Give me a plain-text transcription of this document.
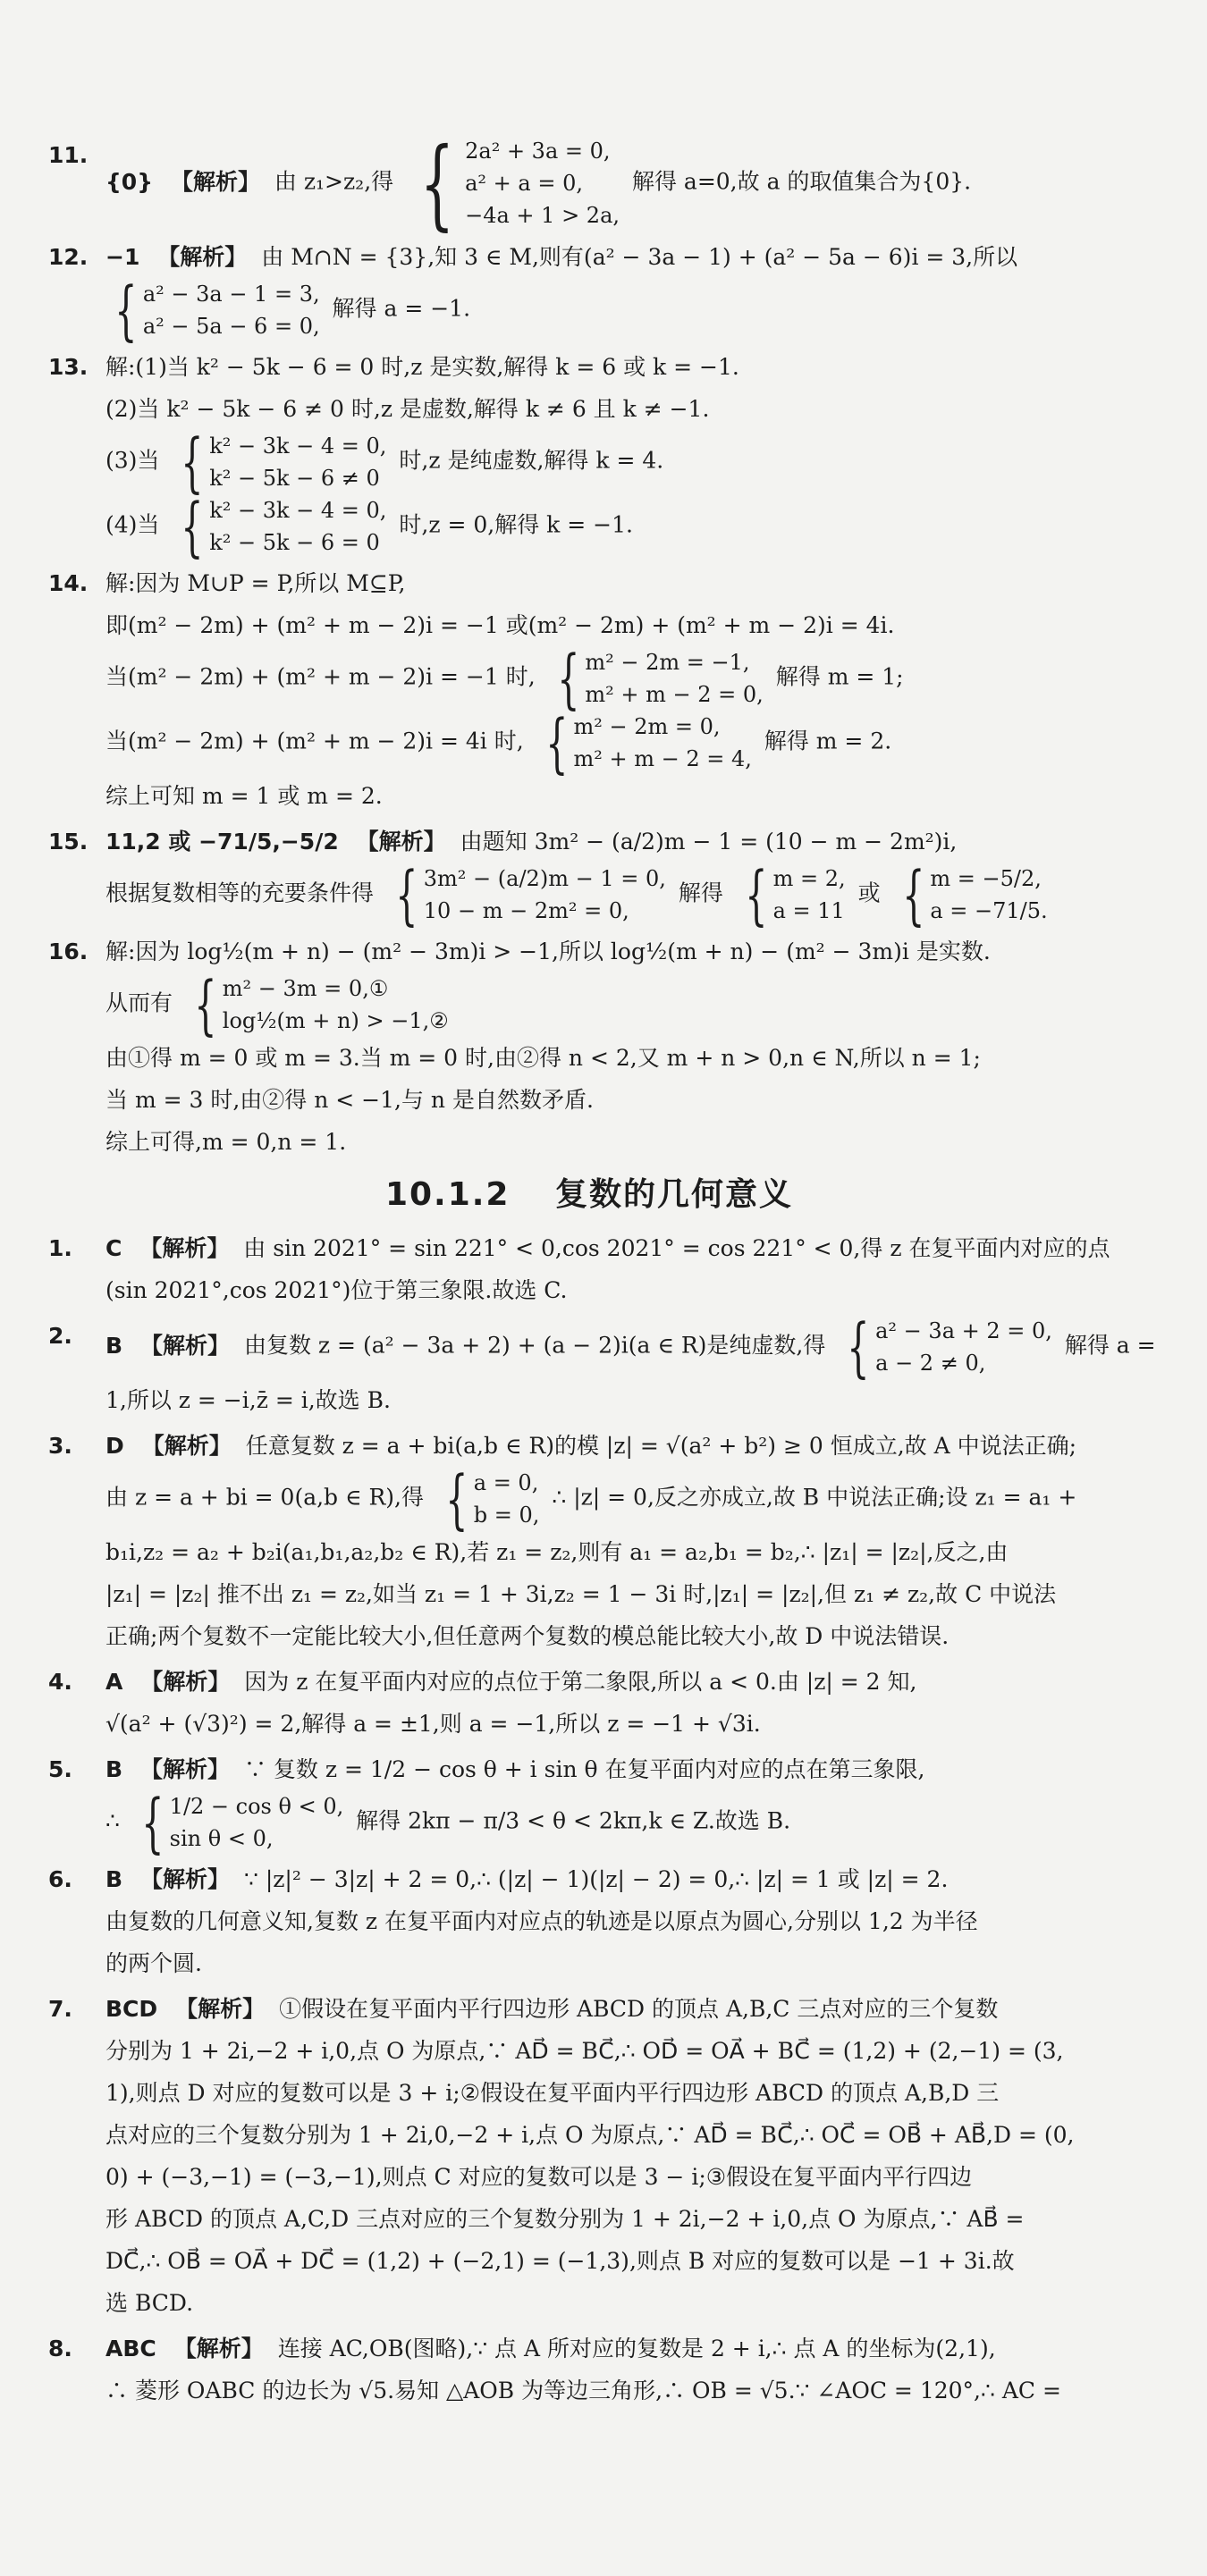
11.
{0} 【解析】 由 z₁>z₂,得 { 2a² + 3a = 0,
a² + a = 0,
−4a + 1 > 2a,
解得 a=0,故 a 的取值集合为{0}.
12. −1 【解析】 由 M∩N = {3},知 3 ∈ M,则有(a² − 3a − 1) + (a² − 5a − 6)i = 3,所以
{ a² − 3a − 1 = 3,
a² − 5a − 6 = 0,
解得 a = −1.
13. 解:(1)当 k² − 5k − 6 = 0 时,z 是实数,解得 k = 6 或 k = −1.
(2)当 k² − 5k − 6 ≠ 0 时,z 是虚数,解得 k ≠ 6 且 k ≠ −1.
(3)当 { k² − 3k − 4 = 0,
k² − 5k − 6 ≠ 0
时,z 是纯虚数,解得 k = 4.
(4)当 { k² − 3k − 4 = 0,
k² − 5k − 6 = 0
时,z = 0,解得 k = −1.
14. 解:因为 M∪P = P,所以 M⊆P,
即(m² − 2m) + (m² + m − 2)i = −1 或(m² − 2m) + (m² + m − 2)i = 4i.
当(m² − 2m) + (m² + m − 2)i = −1 时, { m² − 2m = −1,
m² + m − 2 = 0,
解得 m = 1;
当(m² − 2m) + (m² + m − 2)i = 4i 时, { m² − 2m = 0,
m² + m − 2 = 4,
解得 m = 2.
综上可知 m = 1 或 m = 2.
15. 11,2 或 −71/5,−5/2 【解析】 由题知 3m² − (a/2)m − 1 = (10 − m − 2m²)i,
根据复数相等的充要条件得 { 3m² − (a/2)m − 1 = 0,
10 − m − 2m² = 0,
解得 { m = 2,
a = 11
或 { m = −5/2,
a = −71/5.
16. 解:因为 log½(m + n) − (m² − 3m)i > −1,所以 log½(m + n) − (m² − 3m)i 是实数.
从而有 { m² − 3m = 0,①
log½(m + n) > −1,②
由①得 m = 0 或 m = 3.当 m = 0 时,由②得 n < 2,又 m + n > 0,n ∈ N,所以 n = 1;
当 m = 3 时,由②得 n < −1,与 n 是自然数矛盾.
综上可得,m = 0,n = 1.
10.1.2 复数的几何意义
1.	C 【解析】 由 sin 2021° = sin 221° < 0,cos 2021° = cos 221° < 0,得 z 在复平面内对应的点
(sin 2021°,cos 2021°)位于第三象限.故选 C.
2.	B 【解析】 由复数 z = (a² − 3a + 2) + (a − 2)i(a ∈ R)是纯虚数,得 { a² − 3a + 2 = 0,
a − 2 ≠ 0,
解得 a =
1,所以 z = −i,z̄ = i,故选 B.
3.	D 【解析】 任意复数 z = a + bi(a,b ∈ R)的模 |z| = √(a² + b²) ≥ 0 恒成立,故 A 中说法正确;
由 z = a + bi = 0(a,b ∈ R),得 { a = 0,
b = 0,
∴ |z| = 0,反之亦成立,故 B 中说法正确;设 z₁ = a₁ +
b₁i,z₂ = a₂ + b₂i(a₁,b₁,a₂,b₂ ∈ R),若 z₁ = z₂,则有 a₁ = a₂,b₁ = b₂,∴ |z₁| = |z₂|,反之,由
|z₁| = |z₂| 推不出 z₁ = z₂,如当 z₁ = 1 + 3i,z₂ = 1 − 3i 时,|z₁| = |z₂|,但 z₁ ≠ z₂,故 C 中说法
正确;两个复数不一定能比较大小,但任意两个复数的模总能比较大小,故 D 中说法错误.
4.	A 【解析】 因为 z 在复平面内对应的点位于第二象限,所以 a < 0.由 |z| = 2 知,
√(a² + (√3)²) = 2,解得 a = ±1,则 a = −1,所以 z = −1 + √3i.
5.	B 【解析】 ∵ 复数 z = 1/2 − cos θ + i sin θ 在复平面内对应的点在第三象限,
∴ { 1/2 − cos θ < 0,
sin θ < 0,
解得 2kπ − π/3 < θ < 2kπ,k ∈ Z.故选 B.
6.	B 【解析】 ∵ |z|² − 3|z| + 2 = 0,∴ (|z| − 1)(|z| − 2) = 0,∴ |z| = 1 或 |z| = 2.
由复数的几何意义知,复数 z 在复平面内对应点的轨迹是以原点为圆心,分别以 1,2 为半径
的两个圆.
7.	BCD 【解析】 ①假设在复平面内平行四边形 ABCD 的顶点 A,B,C 三点对应的三个复数
分别为 1 + 2i,−2 + i,0,点 O 为原点,∵ AD⃗ = BC⃗,∴ OD⃗ = OA⃗ + BC⃗ = (1,2) + (2,−1) = (3,
1),则点 D 对应的复数可以是 3 + i;②假设在复平面内平行四边形 ABCD 的顶点 A,B,D 三
点对应的三个复数分别为 1 + 2i,0,−2 + i,点 O 为原点,∵ AD⃗ = BC⃗,∴ OC⃗ = OB⃗ + AB⃗,D = (0,
0) + (−3,−1) = (−3,−1),则点 C 对应的复数可以是 3 − i;③假设在复平面内平行四边
形 ABCD 的顶点 A,C,D 三点对应的三个复数分别为 1 + 2i,−2 + i,0,点 O 为原点,∵ AB⃗ =
DC⃗,∴ OB⃗ = OA⃗ + DC⃗ = (1,2) + (−2,1) = (−1,3),则点 B 对应的复数可以是 −1 + 3i.故
选 BCD.
8.	ABC 【解析】 连接 AC,OB(图略),∵ 点 A 所对应的复数是 2 + i,∴ 点 A 的坐标为(2,1),
∴ 菱形 OABC 的边长为 √5.易知 △AOB 为等边三角形,∴ OB = √5.∵ ∠AOC = 120°,∴ AC =
